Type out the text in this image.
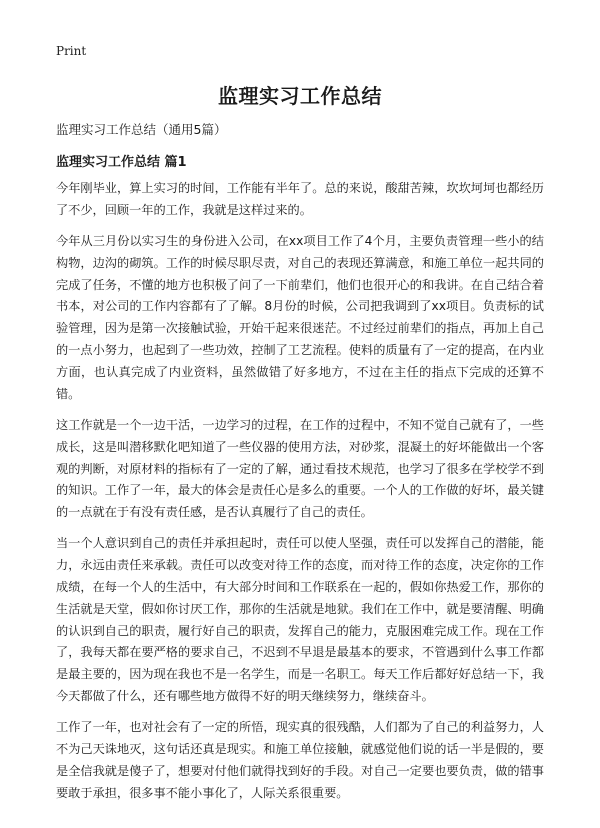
Print
监理实习工作总结
监理实习工作总结（通用5篇）
监理实习工作总结 篇1

今年刚毕业，算上实习的时间，工作能有半年了。总的来说，酸甜苦辣，坎坎坷坷也都经历了不少，回顾一年的工作，我就是这样过来的。

今年从三月份以实习生的身份进入公司，在xx项目工作了4个月，主要负责管理一些小的结构物，边沟的砌筑。工作的时候尽职尽责，对自己的表现还算满意，和施工单位一起共同的完成了任务，不懂的地方也积极了问了一下前辈们，他们也很开心的和我讲。在自己结合着书本，对公司的工作内容都有了了解。8月份的时候，公司把我调到了xx项目。负责标的试验管理，因为是第一次接触试验，开始干起来很迷茫。不过经过前辈们的指点，再加上自己的一点小努力，也起到了一些功效，控制了工艺流程。使料的质量有了一定的提高，在内业方面，也认真完成了内业资料，虽然做错了好多地方，不过在主任的指点下完成的还算不错。

这工作就是一个一边干活，一边学习的过程，在工作的过程中，不知不觉自己就有了，一些成长，这是叫潜移默化吧知道了一些仪器的使用方法，对砂浆，混凝土的好坏能做出一个客观的判断，对原材料的指标有了一定的了解，通过看技术规范，也学习了很多在学校学不到的知识。工作了一年，最大的体会是责任心是多么的重要。一个人的工作做的好坏，最关键的一点就在于有没有责任感，是否认真履行了自己的责任。

当一个人意识到自己的责任并承担起时，责任可以使人坚强，责任可以发挥自己的潜能，能力，永远由责任来承载。责任可以改变对待工作的态度，而对待工作的态度，决定你的工作成绩，在每一个人的生活中，有大部分时间和工作联系在一起的，假如你热爱工作，那你的生活就是天堂，假如你讨厌工作，那你的生活就是地狱。我们在工作中，就是要清醒、明确的认识到自己的职责，履行好自己的职责，发挥自己的能力，克服困难完成工作。现在工作了，我每天都在要严格的要求自己，不迟到不早退是最基本的要求，不管遇到什么事工作都是最主要的，因为现在我也不是一名学生，而是一名职工。每天工作后都好好总结一下，我今天都做了什么，还有哪些地方做得不好的明天继续努力，继续奋斗。

工作了一年，也对社会有了一定的所悟，现实真的很残酷，人们都为了自己的利益努力，人不为己天诛地灭，这句话还真是现实。和施工单位接触，就感觉他们说的话一半是假的，要是全信我就是傻子了，想要对付他们就得找到好的手段。对自己一定要也要负责，做的错事要敢于承担，很多事不能小事化了，人际关系很重要。
